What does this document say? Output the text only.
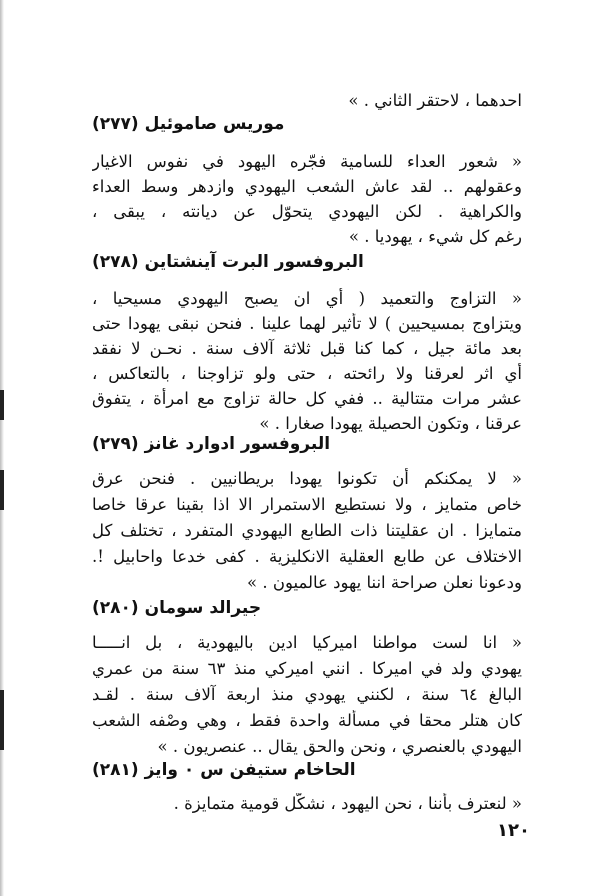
احدهما ، لاحتقر الثاني . »
موريس صاموئيل (٢٧٧)
« شعور العداء للسامية فجّره اليهود في نفوس الاغيار
وعقولهم .. لقد عاش الشعب اليهودي وازدهر وسط العداء
والكراهية . لكن اليهودي يتحوّل عن ديانته ، يبقى ،
رغم كل شيء ، يهوديا . »
البروفسور البرت آينشتاين (٢٧٨)
« التزاوج والتعميد ( أي ان يصبح اليهودي مسيحيا ،
ويتزاوج بمسيحيين ) لا تأثير لهما علينا . فنحن نبقى يهودا حتى
بعد مائة جيل ، كما كنا قبل ثلاثة آلاف سنة . نحـن لا نفقد
أي اثر لعرقنا ولا رائحته ، حتى ولو تزاوجنا ، بالتعاكس ،
عشر مرات متتالية .. ففي كل حالة تزاوج مع امرأة ، يتفوق
عرقنا ، وتكون الحصيلة يهودا صغارا . »
البروفسور ادوارد غانز (٢٧٩)
« لا يمكنكم أن تكونوا يهودا بريطانيين . فنحن عرق
خاص متمايز ، ولا نستطيع الاستمرار الا اذا بقينا عرقا خاصا
متمايزا . ان عقليتنا ذات الطابع اليهودي المتفرد ، تختلف كل
الاختلاف عن طابع العقلية الانكليزية . كفى خدعا واحابيل !.
ودعونا نعلن صراحة اننا يهود عالميون . »
جيرالد سومان (٢٨٠)
« انا لست مواطنا اميركيا ادين باليهودية ، بل انـــــا
يهودي ولد في اميركا . انني اميركي منذ ٦٣ سنة من عمري
البالغ ٦٤ سنة ، لكنني يهودي منذ اربعة آلاف سنة . لقـد
كان هتلر محقا في مسألة واحدة فقط ، وهي وصْفه الشعب
اليهودي بالعنصري ، ونحن والحق يقال .. عنصريون . »
الحاخام ستيفن س ٠ وايز (٢٨١)
« لنعترف بأننا ، نحن اليهود ، نشكّل قومية متمايزة .
١٢٠
